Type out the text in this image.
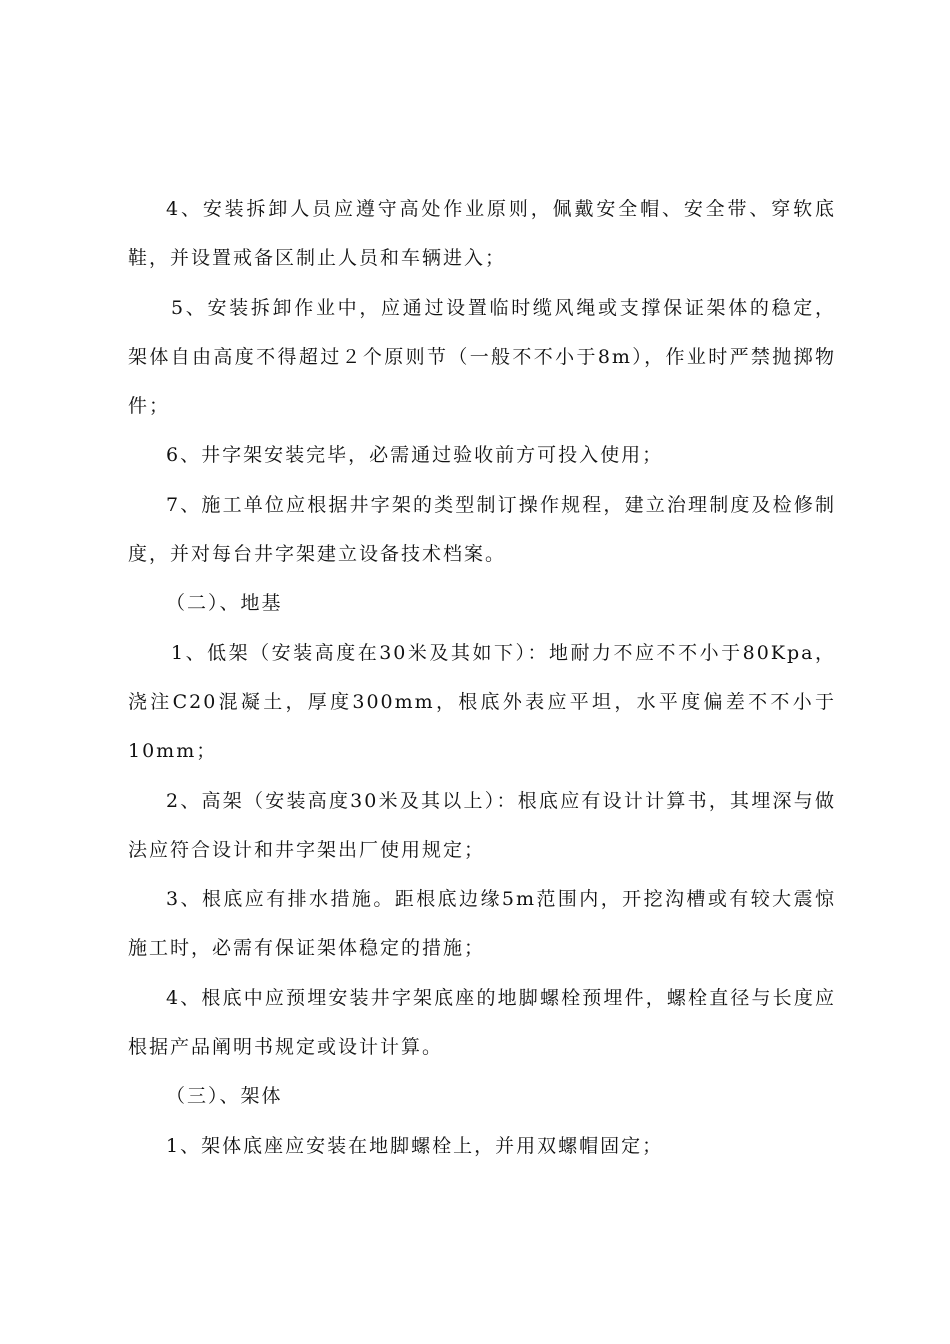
4、安装拆卸人员应遵守高处作业原则，佩戴安全帽、安全带、穿软底鞋，并设置戒备区制止人员和车辆进入；

5、安装拆卸作业中，应通过设置临时缆风绳或支撑保证架体的稳定，架体自由高度不得超过２个原则节（一般不不小于8m），作业时严禁抛掷物件；

6、井字架安装完毕，必需通过验收前方可投入使用；

7、施工单位应根据井字架的类型制订操作规程，建立治理制度及检修制度，并对每台井字架建立设备技术档案。

（二）、地基

1、低架（安装高度在30米及其如下）：地耐力不应不不小于80Kpa，浇注C20混凝土，厚度300mm，根底外表应平坦，水平度偏差不不小于10mm；

2、高架（安装高度30米及其以上）：根底应有设计计算书，其埋深与做法应符合设计和井字架出厂使用规定；

3、根底应有排水措施。距根底边缘5m范围内，开挖沟槽或有较大震惊施工时，必需有保证架体稳定的措施；

4、根底中应预埋安装井字架底座的地脚螺栓预埋件，螺栓直径与长度应根据产品阐明书规定或设计计算。

（三）、架体

1、架体底座应安装在地脚螺栓上，并用双螺帽固定；
